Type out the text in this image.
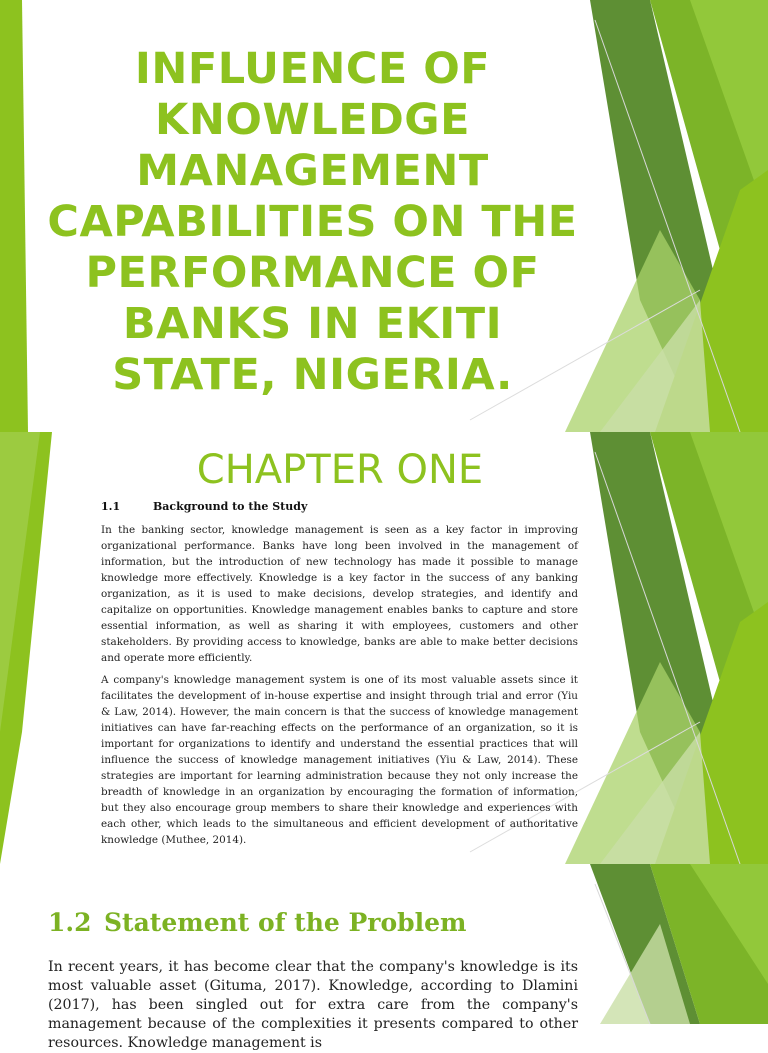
INFLUENCE OF KNOWLEDGE MANAGEMENT CAPABILITIES ON THE PERFORMANCE OF BANKS IN EKITI STATE, NIGERIA.
CHAPTER ONE
1.1	Background to the Study

In the banking sector, knowledge management is seen as a key factor in improving organizational performance. Banks have long been involved in the management of information, but the introduction of new technology has made it possible to manage knowledge more effectively. Knowledge is a key factor in the success of any banking organization, as it is used to make decisions, develop strategies, and identify and capitalize on opportunities. Knowledge management enables banks to capture and store essential information, as well as sharing it with employees, customers and other stakeholders. By providing access to knowledge, banks are able to make better decisions and operate more efficiently.

A company's knowledge management system is one of its most valuable assets since it facilitates the development of in-house expertise and insight through trial and error (Yiu & Law, 2014). However, the main concern is that the success of knowledge management initiatives can have far-reaching effects on the performance of an organization, so it is important for organizations to identify and understand the essential practices that will influence the success of knowledge management initiatives (Yiu & Law, 2014). These strategies are important for learning administration because they not only increase the breadth of knowledge in an organization by encouraging the formation of information, but they also encourage group members to share their knowledge and experiences with each other, which leads to the simultaneous and efficient development of authoritative knowledge (Muthee, 2014).

1.2 Statement of the Problem

In recent years, it has become clear that the company's knowledge is its most valuable asset (Gituma, 2017). Knowledge, according to Dlamini (2017), has been singled out for extra care from the company's management because of the complexities it presents compared to other resources. Knowledge management is
